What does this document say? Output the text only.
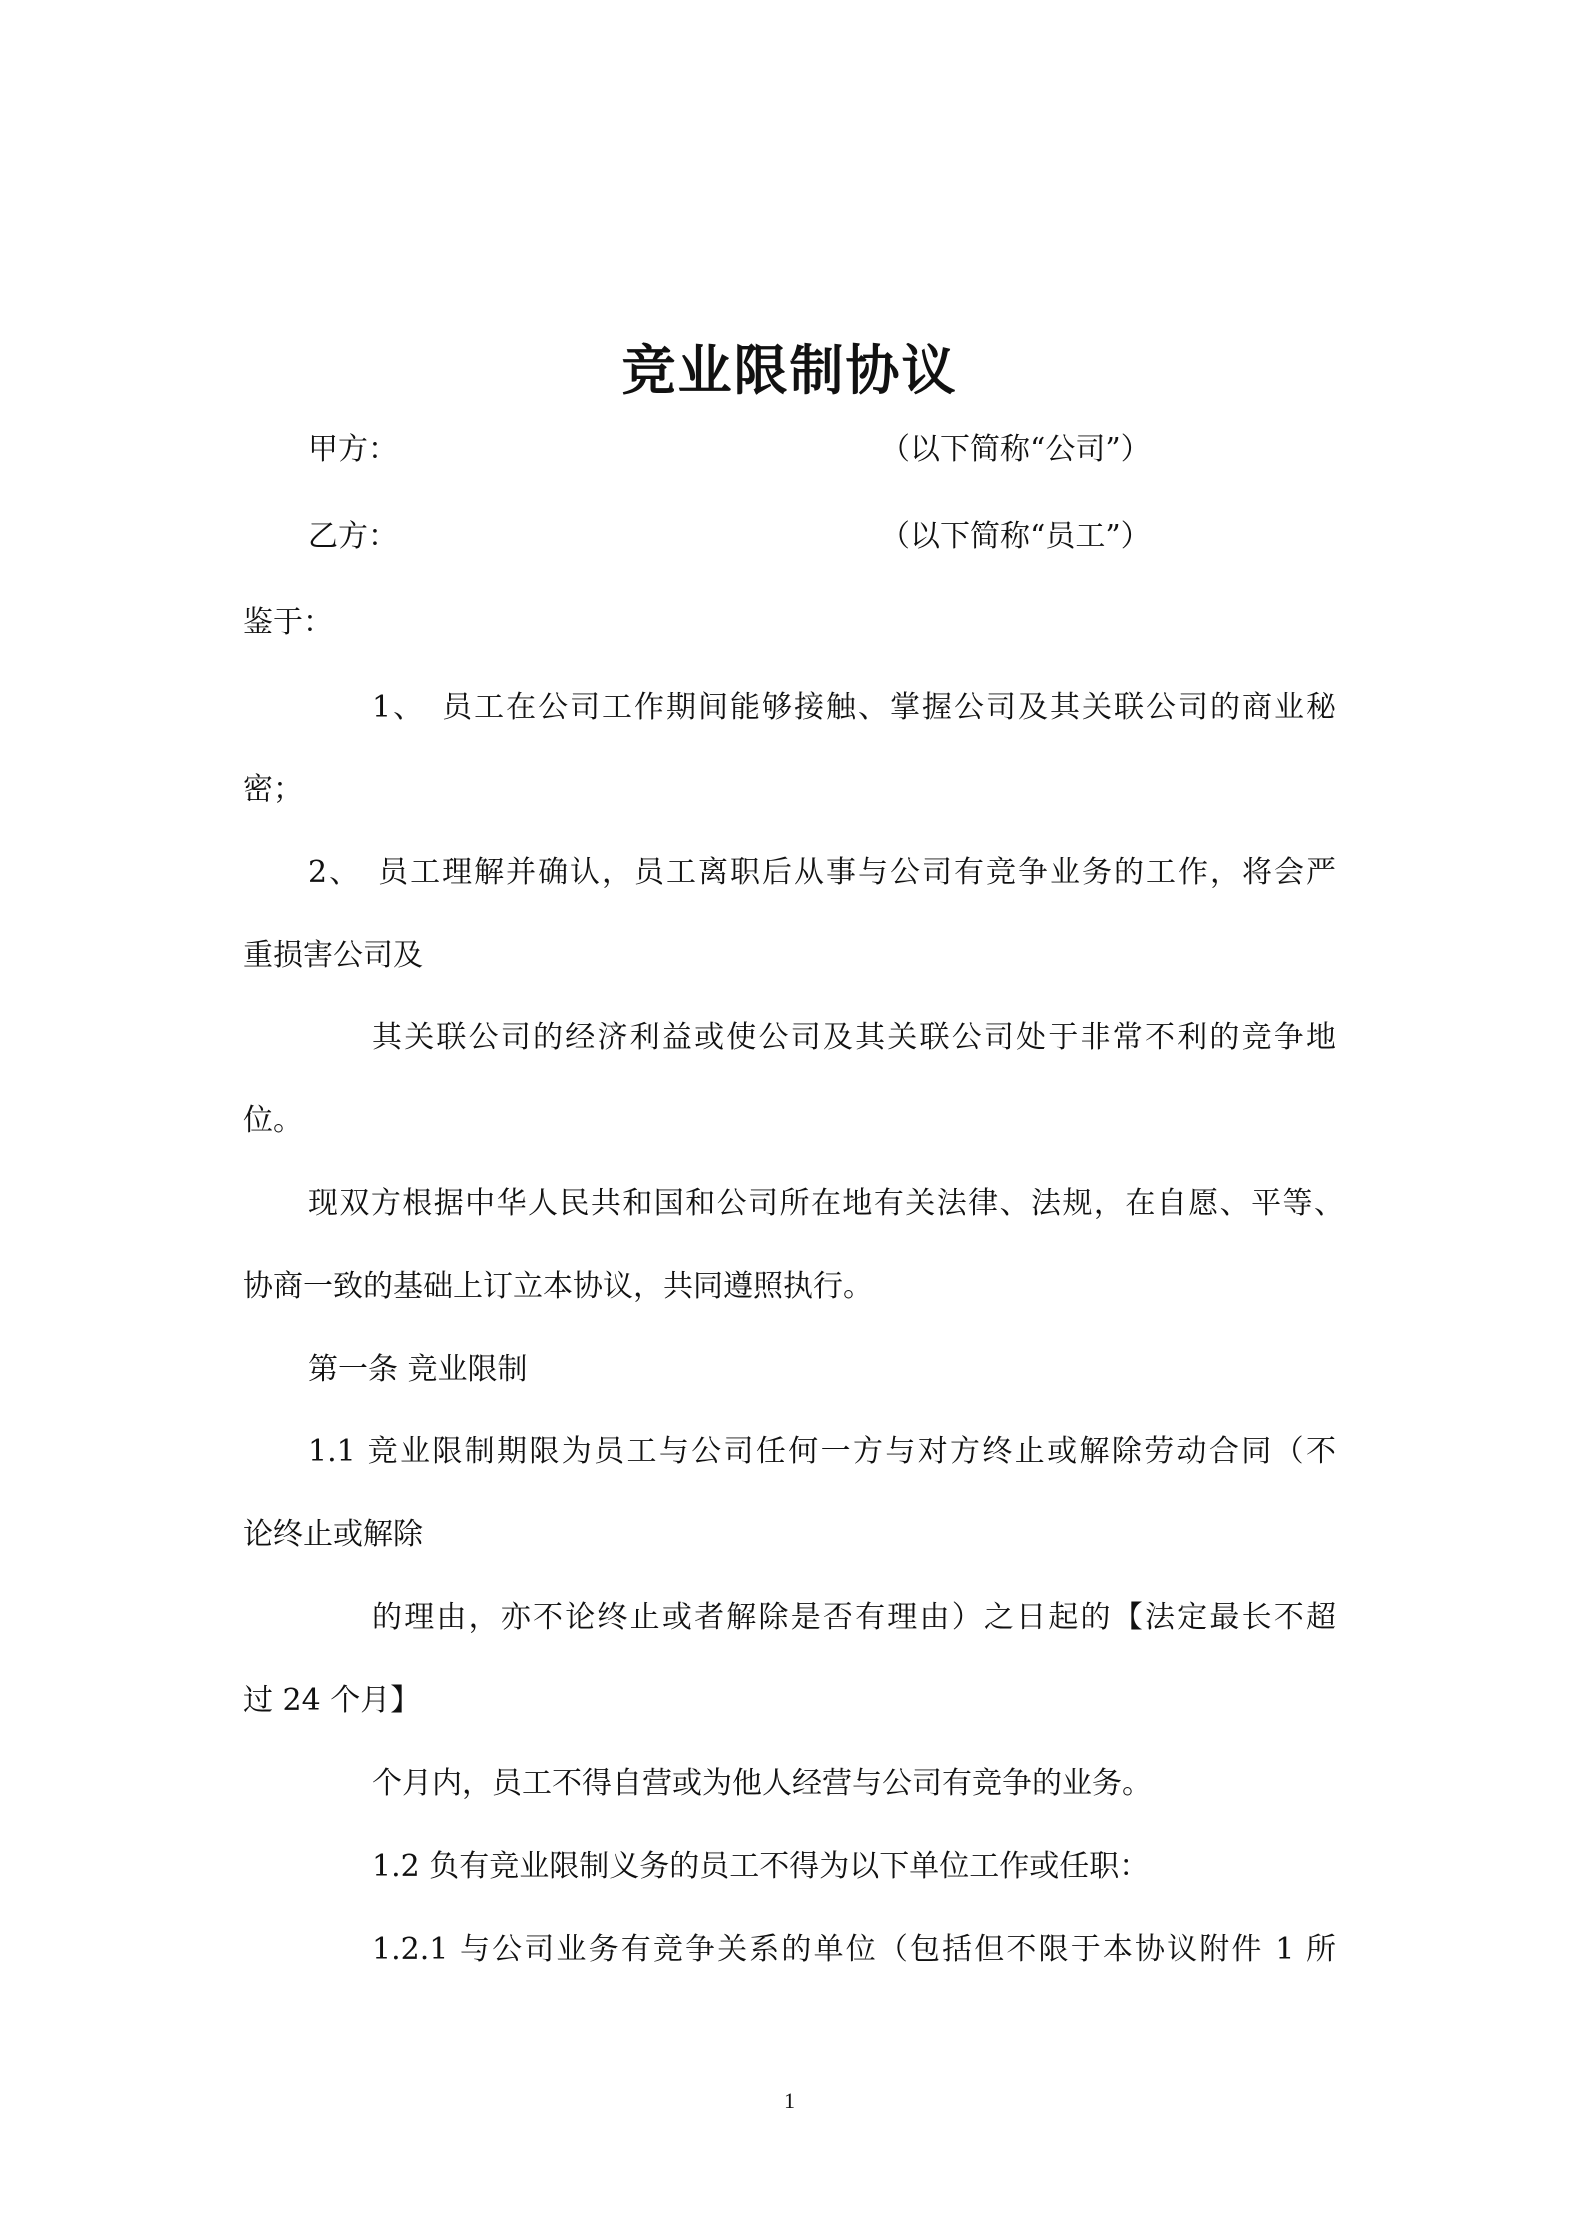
竞业限制协议
甲方：	（以下简称“公司”）
乙方：	（以下简称“员工”）
鉴于：
1、　员工在公司工作期间能够接触、掌握公司及其关联公司的商业秘
密；
2、　员工理解并确认，员工离职后从事与公司有竞争业务的工作，将会严
重损害公司及
其关联公司的经济利益或使公司及其关联公司处于非常不利的竞争地
位。
现双方根据中华人民共和国和公司所在地有关法律、法规，在自愿、平等、
协商一致的基础上订立本协议，共同遵照执行。
第一条 竞业限制
1.1 竞业限制期限为员工与公司任何一方与对方终止或解除劳动合同（不
论终止或解除
的理由，亦不论终止或者解除是否有理由）之日起的【法定最长不超
过 24 个月】
个月内，员工不得自营或为他人经营与公司有竞争的业务。
1.2 负有竞业限制义务的员工不得为以下单位工作或任职：
1.2.1 与公司业务有竞争关系的单位（包括但不限于本协议附件 1 所
1
